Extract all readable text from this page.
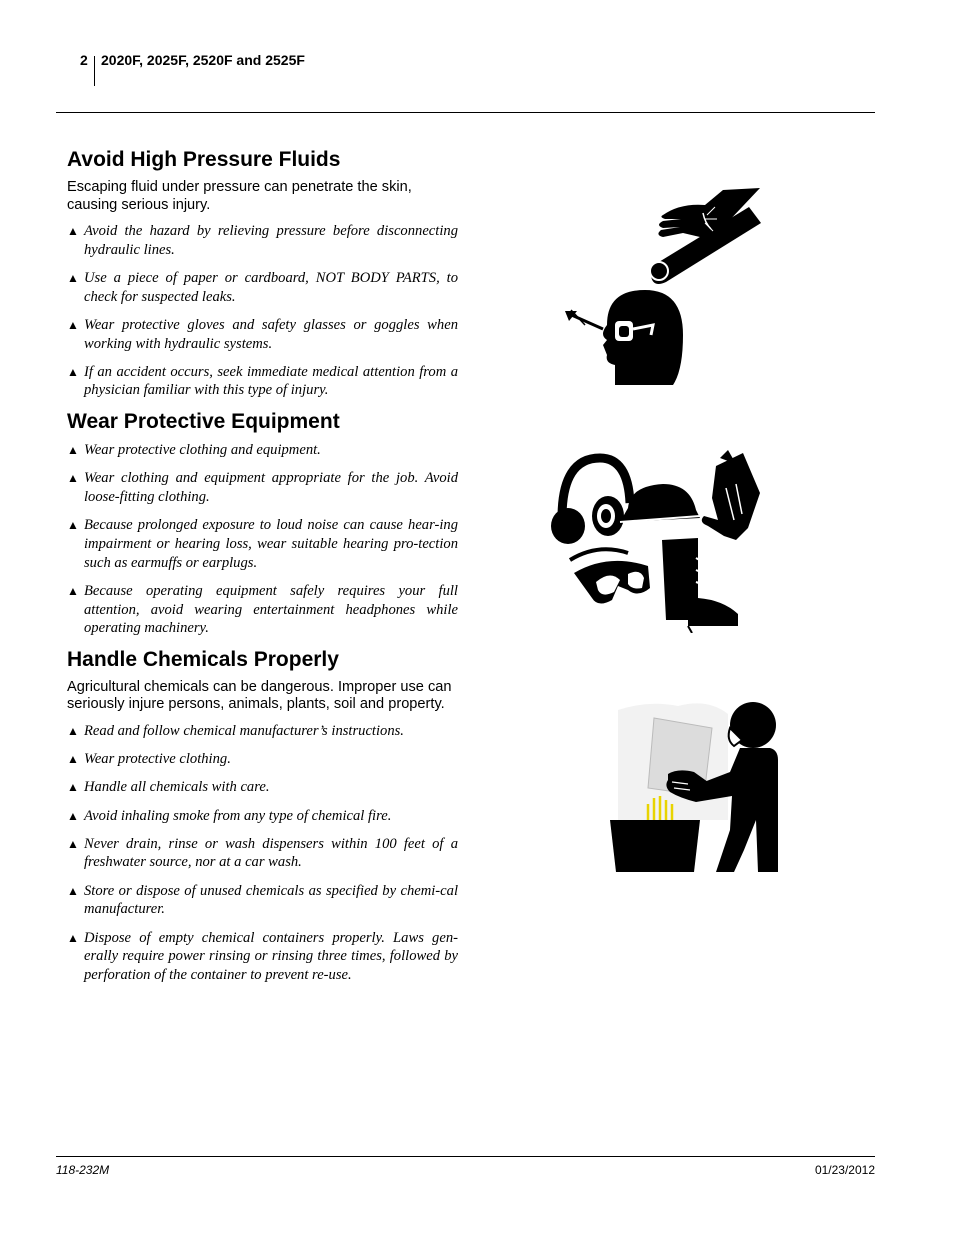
2 2020F, 2025F, 2520F and 2525F
Avoid High Pressure Fluids

Escaping fluid under pressure can penetrate the skin, causing serious injury.

▲ Avoid the hazard by relieving pressure before disconnecting hydraulic lines.
▲ Use a piece of paper or cardboard, NOT BODY PARTS, to check for suspected leaks.
▲ Wear protective gloves and safety glasses or goggles when working with hydraulic systems.
▲ If an accident occurs, seek immediate medical attention from a physician familiar with this type of injury.
Wear Protective Equipment
▲ Wear protective clothing and equipment.
▲ Wear clothing and equipment appropriate for the job. Avoid loose-fitting clothing.
▲ Because prolonged exposure to loud noise can cause hear-ing impairment or hearing loss, wear suitable hearing pro-tection such as earmuffs or earplugs.
▲ Because operating equipment safely requires your full attention, avoid wearing entertainment headphones while operating machinery.
Handle Chemicals Properly

Agricultural chemicals can be dangerous. Improper use can seriously injure persons, animals, plants, soil and property.

▲ Read and follow chemical manufacturer’s instructions.
▲ Wear protective clothing.
▲ Handle all chemicals with care.
▲ Avoid inhaling smoke from any type of chemical fire.
▲ Never drain, rinse or wash dispensers within 100 feet of a freshwater source, nor at a car wash.
▲ Store or dispose of unused chemicals as specified by chemi-cal manufacturer.
▲ Dispose of empty chemical containers properly. Laws gen-erally require power rinsing or rinsing three times, followed by perforation of the container to prevent re-use.
118-232M	01/23/2012
